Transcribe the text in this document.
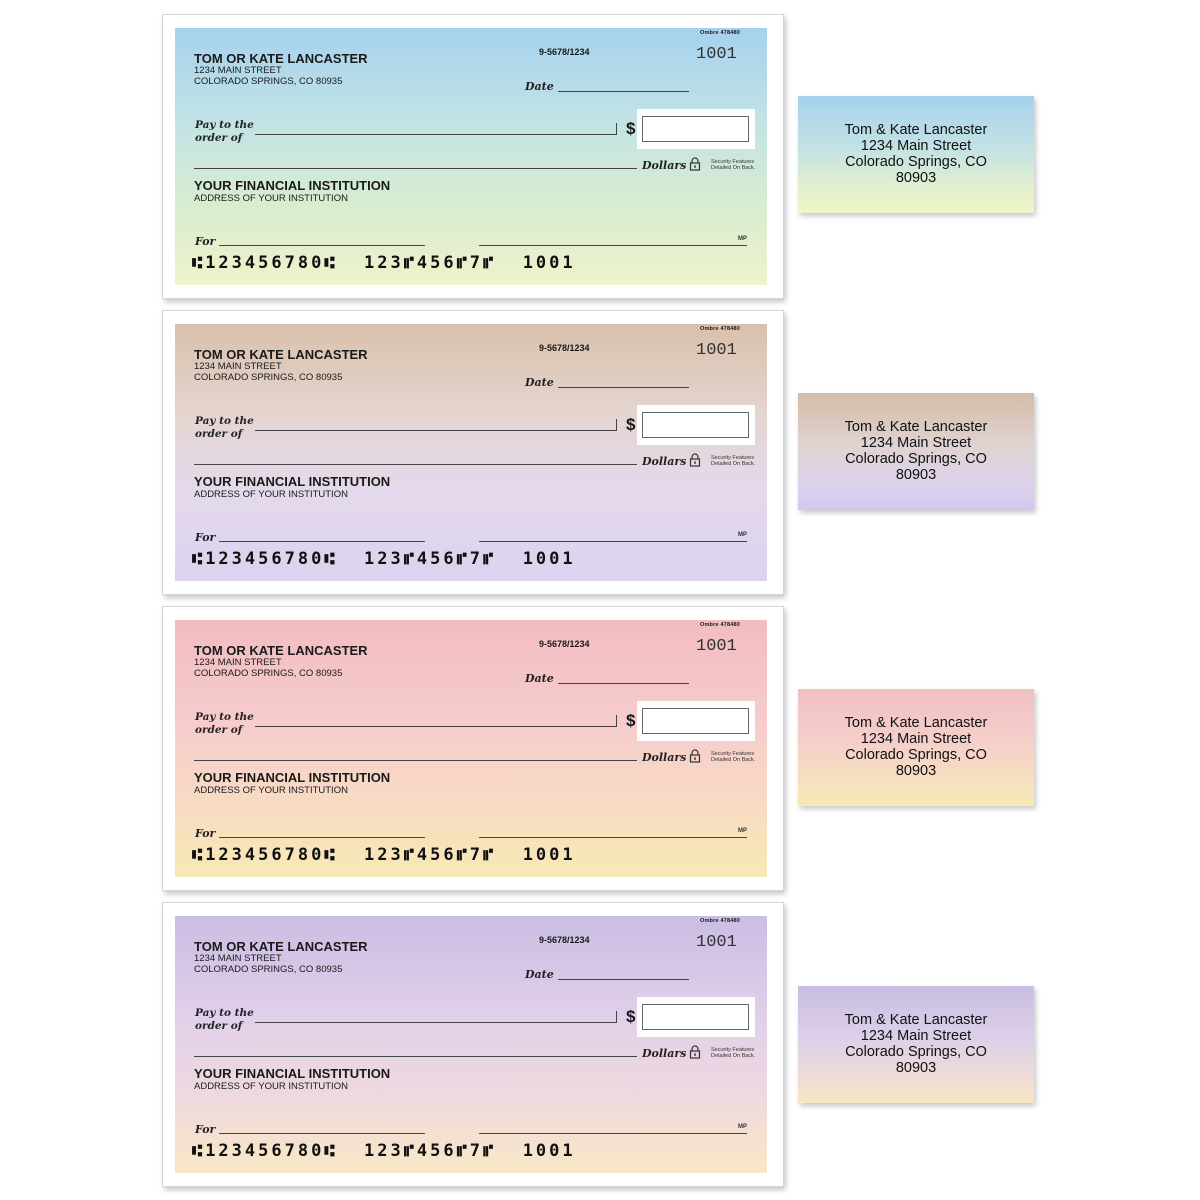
Ombre 478480
TOM OR KATE LANCASTER
1234 MAIN STREET
COLORADO SPRINGS, CO 80935
9-5678/1234	1001
Date
Pay to the
order of	$
Dollars	Security Features
Detailed On Back.
YOUR FINANCIAL INSTITUTION
ADDRESS OF YOUR INSTITUTION
For	MP
⑆123456780⑆  123⑈456⑈7⑈  1001
Ombre 478480
TOM OR KATE LANCASTER
1234 MAIN STREET
COLORADO SPRINGS, CO 80935
9-5678/1234	1001
Date
Pay to the
order of	$
Dollars	Security Features
Detailed On Back.
YOUR FINANCIAL INSTITUTION
ADDRESS OF YOUR INSTITUTION
For	MP
⑆123456780⑆  123⑈456⑈7⑈  1001
Ombre 478480
TOM OR KATE LANCASTER
1234 MAIN STREET
COLORADO SPRINGS, CO 80935
9-5678/1234	1001
Date
Pay to the
order of	$
Dollars	Security Features
Detailed On Back.
YOUR FINANCIAL INSTITUTION
ADDRESS OF YOUR INSTITUTION
For	MP
⑆123456780⑆  123⑈456⑈7⑈  1001
Ombre 478480
TOM OR KATE LANCASTER
1234 MAIN STREET
COLORADO SPRINGS, CO 80935
9-5678/1234	1001
Date
Pay to the
order of	$
Dollars	Security Features
Detailed On Back.
YOUR FINANCIAL INSTITUTION
ADDRESS OF YOUR INSTITUTION
For	MP
⑆123456780⑆  123⑈456⑈7⑈  1001
Tom & Kate Lancaster
1234 Main Street
Colorado Springs, CO
80903
Tom & Kate Lancaster
1234 Main Street
Colorado Springs, CO
80903
Tom & Kate Lancaster
1234 Main Street
Colorado Springs, CO
80903
Tom & Kate Lancaster
1234 Main Street
Colorado Springs, CO
80903
